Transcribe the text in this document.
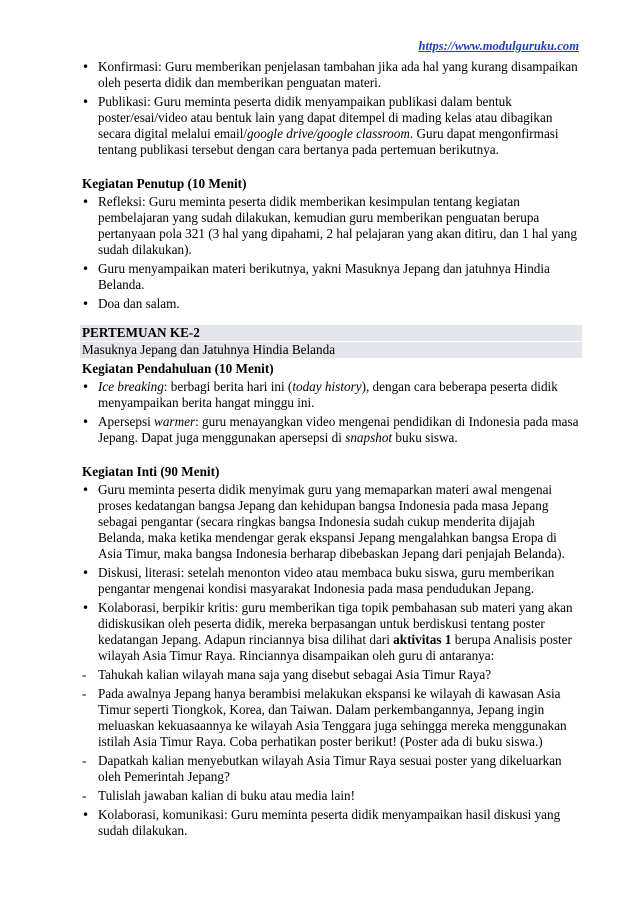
https://www.modulguruku.com
• Konfirmasi: Guru memberikan penjelasan tambahan jika ada hal yang kurang disampaikan oleh peserta didik dan memberikan penguatan materi.
• Publikasi: Guru meminta peserta didik menyampaikan publikasi dalam bentuk poster/esai/video atau bentuk lain yang dapat ditempel di mading kelas atau dibagikan secara digital melalui email/google drive/google classroom. Guru dapat mengonfirmasi tentang publikasi tersebut dengan cara bertanya pada pertemuan berikutnya.
Kegiatan Penutup (10 Menit)
• Refleksi: Guru meminta peserta didik memberikan kesimpulan tentang kegiatan pembelajaran yang sudah dilakukan, kemudian guru memberikan penguatan berupa pertanyaan pola 321 (3 hal yang dipahami, 2 hal pelajaran yang akan ditiru, dan 1 hal yang sudah dilakukan).
• Guru menyampaikan materi berikutnya, yakni Masuknya Jepang dan jatuhnya Hindia Belanda.
• Doa dan salam.
PERTEMUAN KE-2
Masuknya Jepang dan Jatuhnya Hindia Belanda
Kegiatan Pendahuluan (10 Menit)
• Ice breaking: berbagi berita hari ini (today history), dengan cara beberapa peserta didik menyampaikan berita hangat minggu ini.
• Apersepsi warmer: guru menayangkan video mengenai pendidikan di Indonesia pada masa Jepang. Dapat juga menggunakan apersepsi di snapshot buku siswa.
Kegiatan Inti (90 Menit)
• Guru meminta peserta didik menyimak guru yang memaparkan materi awal mengenai proses kedatangan bangsa Jepang dan kehidupan bangsa Indonesia pada masa Jepang sebagai pengantar (secara ringkas bangsa Indonesia sudah cukup menderita dijajah Belanda, maka ketika mendengar gerak ekspansi Jepang mengalahkan bangsa Eropa di Asia Timur, maka bangsa Indonesia berharap dibebaskan Jepang dari penjajah Belanda).
• Diskusi, literasi: setelah menonton video atau membaca buku siswa, guru memberikan pengantar mengenai kondisi masyarakat Indonesia pada masa pendudukan Jepang.
• Kolaborasi, berpikir kritis: guru memberikan tiga topik pembahasan sub materi yang akan didiskusikan oleh peserta didik, mereka berpasangan untuk berdiskusi tentang poster kedatangan Jepang. Adapun rinciannya bisa dilihat dari aktivitas 1 berupa Analisis poster wilayah Asia Timur Raya. Rinciannya disampaikan oleh guru di antaranya:
- Tahukah kalian wilayah mana saja yang disebut sebagai Asia Timur Raya?
- Pada awalnya Jepang hanya berambisi melakukan ekspansi ke wilayah di kawasan Asia Timur seperti Tiongkok, Korea, dan Taiwan. Dalam perkembangannya, Jepang ingin meluaskan kekuasaannya ke wilayah Asia Tenggara juga sehingga mereka menggunakan istilah Asia Timur Raya. Coba perhatikan poster berikut! (Poster ada di buku siswa.)
- Dapatkah kalian menyebutkan wilayah Asia Timur Raya sesuai poster yang dikeluarkan oleh Pemerintah Jepang?
- Tulislah jawaban kalian di buku atau media lain!
• Kolaborasi, komunikasi: Guru meminta peserta didik menyampaikan hasil diskusi yang sudah dilakukan.
